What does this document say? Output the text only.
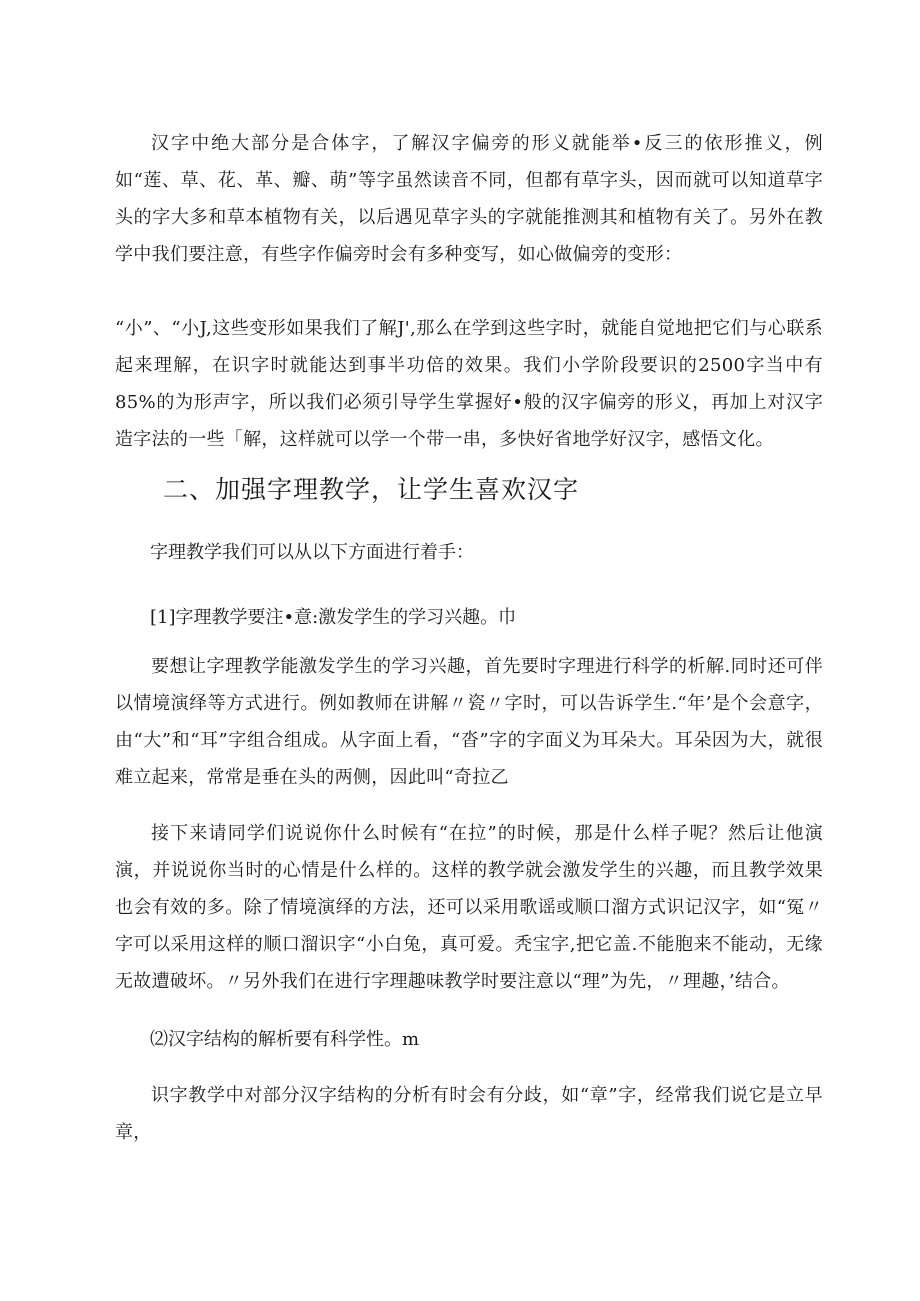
汉字中绝大部分是合体字，了解汉字偏旁的形义就能举•反三的依形推义，例如“莲、草、花、革、瓣、萌”等字虽然读音不同，但都有草字头，因而就可以知道草字头的字大多和草本植物有关，以后遇见草字头的字就能推测其和植物有关了。另外在教学中我们要注意，有些字作偏旁时会有多种变写，如心做偏旁的变形：

“小”、“小J,这些变形如果我们了解J',那么在学到这些字时，就能自觉地把它们与心联系起来理解，在识字时就能达到事半功倍的效果。我们小学阶段要识的2500字当中有85%的为形声字，所以我们必须引导学生掌握好•般的汉字偏旁的形义，再加上对汉字造字法的一些「解，这样就可以学一个带一串，多快好省地学好汉字，感悟文化。

二、加强字理教学，让学生喜欢汉字

字理教学我们可以从以下方面进行着手：

[1]字理教学要注•意:激发学生的学习兴趣。巾

要想让字理教学能激发学生的学习兴趣，首先要时字理进行科学的析解.同时还可伴以情境演绎等方式进行。例如教师在讲解〃瓷〃字时，可以告诉学生.“年’是个会意字，由“大”和“耳”字组合组成。从字面上看，“沓”字的字面义为耳朵大。耳朵因为大，就很难立起来，常常是垂在头的两侧，因此叫“奇拉乙

接下来请同学们说说你什么时候有“在拉”的时候，那是什么样子呢？然后让他演演，并说说你当时的心情是什么样的。这样的教学就会激发学生的兴趣，而且教学效果也会有效的多。除了情境演绎的方法，还可以采用歌谣或顺口溜方式识记汉字，如“冤〃字可以采用这样的顺口溜识字“小白兔，真可爱。秃宝字,把它盖.不能胞来不能动，无缘无故遭破坏。〃另外我们在进行字理趣味教学时要注意以“理”为先，〃理趣，’结合。

⑵汉字结构的解析要有科学性。m

识字教学中对部分汉字结构的分析有时会有分歧，如“章”字，经常我们说它是立早章，
